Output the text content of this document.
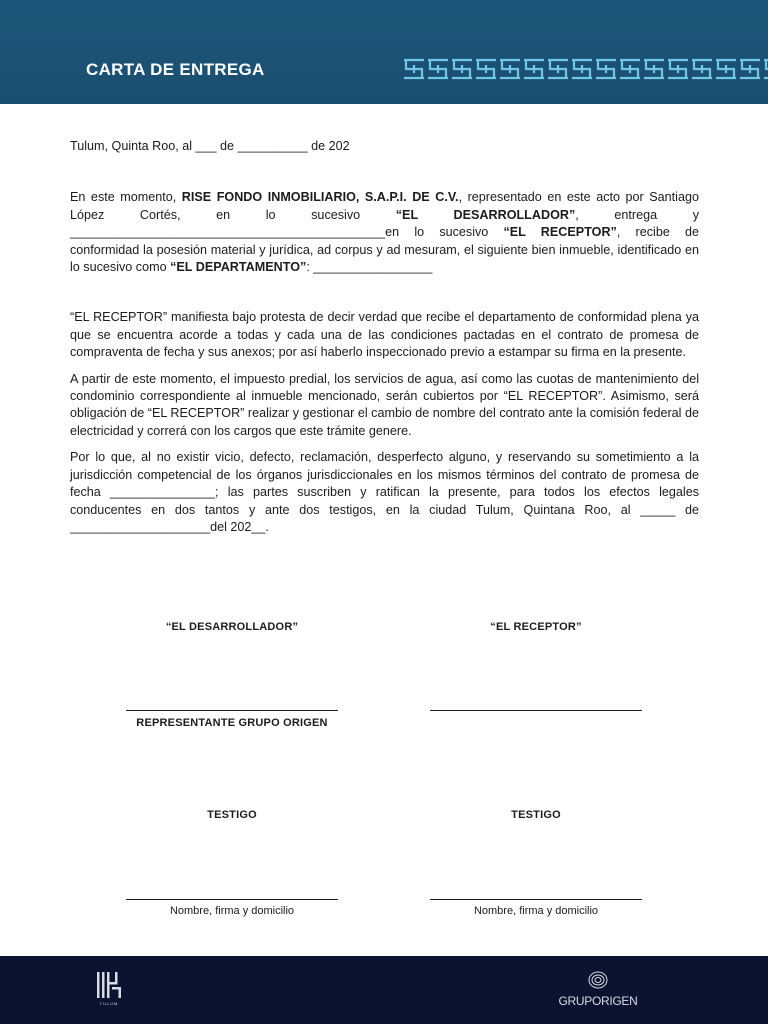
CARTA DE ENTREGA

Tulum, Quinta Roo, al ___ de __________ de 202

En este momento, RISE FONDO INMOBILIARIO, S.A.P.I. DE C.V., representado en este acto por Santiago López Cortés, en lo sucesivo “EL DESARROLLADOR”, entrega y _____________________________________________en lo sucesivo “EL RECEPTOR”, recibe de conformidad la posesión material y jurídica, ad corpus y ad mesuram, el siguiente bien inmueble, identificado en lo sucesivo como “EL DEPARTAMENTO”: _________________

“EL RECEPTOR” manifiesta bajo protesta de decir verdad que recibe el departamento de conformidad plena ya que se encuentra acorde a todas y cada una de las condiciones pactadas en el contrato de promesa de compraventa de fecha y sus anexos; por así haberlo inspeccionado previo a estampar su firma en la presente.

A partir de este momento, el impuesto predial, los servicios de agua, así como las cuotas de mantenimiento del condominio correspondiente al inmueble mencionado, serán cubiertos por “EL RECEPTOR”. Asimismo, será obligación de “EL RECEPTOR” realizar y gestionar el cambio de nombre del contrato ante la comisión federal de electricidad y correrá con los cargos que este trámite genere.

Por lo que, al no existir vicio, defecto, reclamación, desperfecto alguno, y reservando su sometimiento a la jurisdicción competencial de los órganos jurisdiccionales en los mismos términos del contrato de promesa de fecha _______________; las partes suscriben y ratifican la presente, para todos los efectos legales conducentes en dos tantos y ante dos testigos, en la ciudad Tulum, Quintana Roo, al _____ de ____________________del 202__.

“EL DESARROLLADOR”	“EL RECEPTOR”
REPRESENTANTE GRUPO ORIGEN
TESTIGO	TESTIGO
Nombre, firma y domicilio	Nombre, firma y domicilio
TULUM	GRUPORIGEN
